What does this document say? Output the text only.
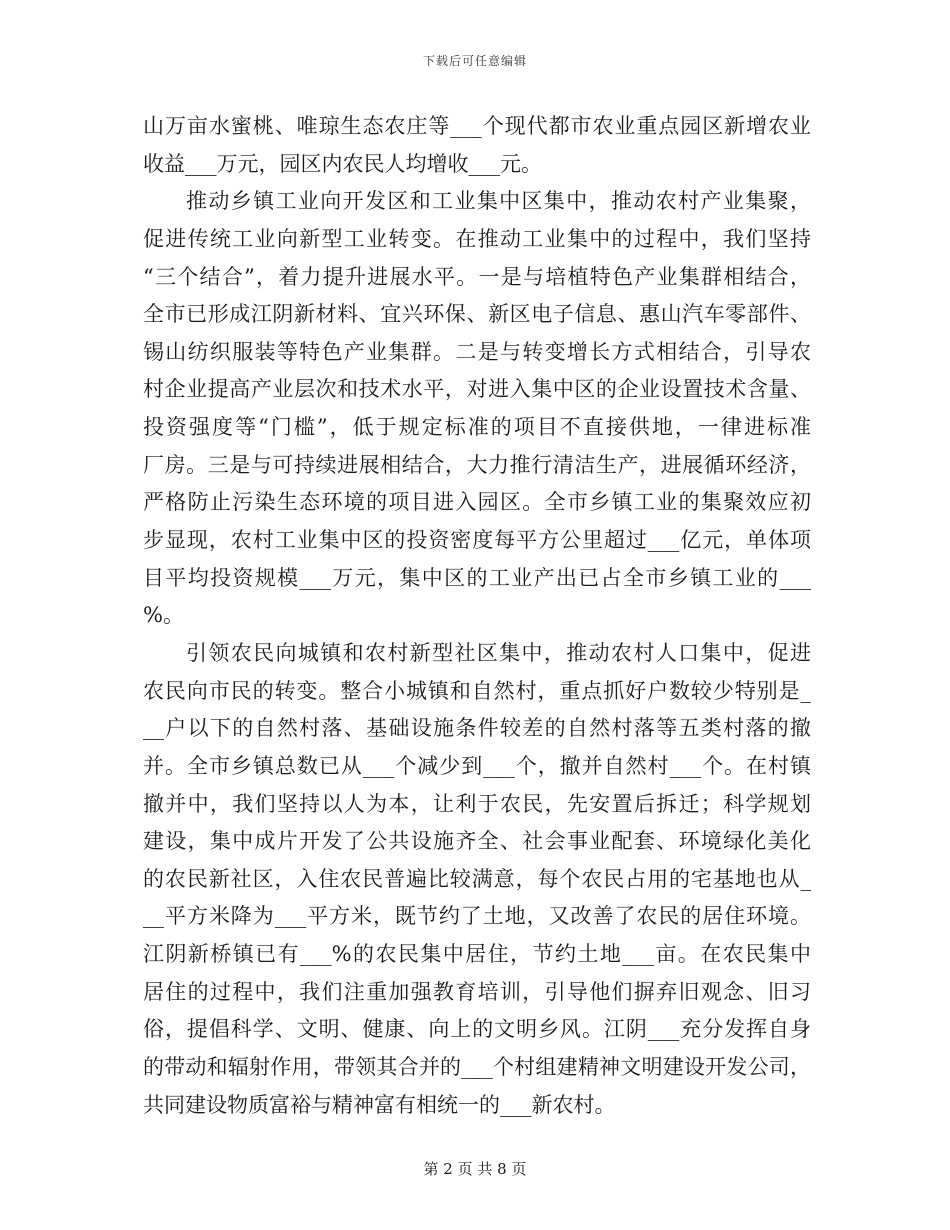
下载后可任意编辑
山万亩水蜜桃、唯琼生态农庄等___个现代都市农业重点园区新增农业
收益___万元，园区内农民人均增收___元。
推动乡镇工业向开发区和工业集中区集中，推动农村产业集聚，
促进传统工业向新型工业转变。在推动工业集中的过程中，我们坚持
“三个结合”，着力提升进展水平。一是与培植特色产业集群相结合，
全市已形成江阴新材料、宜兴环保、新区电子信息、惠山汽车零部件、
锡山纺织服装等特色产业集群。二是与转变增长方式相结合，引导农
村企业提高产业层次和技术水平，对进入集中区的企业设置技术含量、
投资强度等“门槛”，低于规定标准的项目不直接供地，一律进标准
厂房。三是与可持续进展相结合，大力推行清洁生产，进展循环经济，
严格防止污染生态环境的项目进入园区。全市乡镇工业的集聚效应初
步显现，农村工业集中区的投资密度每平方公里超过___亿元，单体项
目平均投资规模___万元，集中区的工业产出已占全市乡镇工业的___
%。
引领农民向城镇和农村新型社区集中，推动农村人口集中，促进
农民向市民的转变。整合小城镇和自然村，重点抓好户数较少特别是_
__户以下的自然村落、基础设施条件较差的自然村落等五类村落的撤
并。全市乡镇总数已从___个减少到___个，撤并自然村___个。在村镇
撤并中，我们坚持以人为本，让利于农民，先安置后拆迁；科学规划
建设，集中成片开发了公共设施齐全、社会事业配套、环境绿化美化
的农民新社区，入住农民普遍比较满意，每个农民占用的宅基地也从_
__平方米降为___平方米，既节约了土地，又改善了农民的居住环境。
江阴新桥镇已有___%的农民集中居住，节约土地___亩。在农民集中
居住的过程中，我们注重加强教育培训，引导他们摒弃旧观念、旧习
俗，提倡科学、文明、健康、向上的文明乡风。江阴___充分发挥自身
的带动和辐射作用，带领其合并的___个村组建精神文明建设开发公司，
共同建设物质富裕与精神富有相统一的___新农村。
第 2 页 共 8 页
